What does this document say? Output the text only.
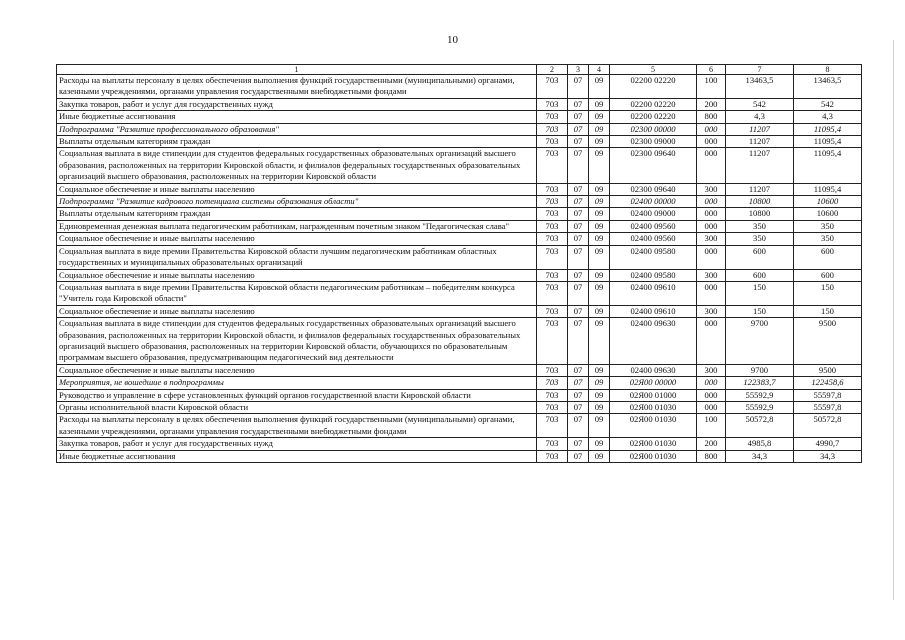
10
1	2	3	4	5	6	7	8
Расходы на выплаты персоналу в целях обеспечения выполнения функций государственными (муниципальными) органами, казенными учреждениями, органами управления государственными внебюджетными фондами	703	07	09	02200 02220	100	13463,5	13463,5
Закупка товаров, работ и услуг для государственных нужд	703	07	09	02200 02220	200	542	542
Иные бюджетные ассигнования	703	07	09	02200 02220	800	4,3	4,3
Подпрограмма "Развитие профессионального образования"	703	07	09	02300 00000	000	11207	11095,4
Выплаты отдельным категориям граждан	703	07	09	02300 09000	000	11207	11095,4
Социальная выплата в виде стипендии для студентов федеральных государственных образовательных организаций высшего образования, расположенных на территории Кировской области, и филиалов федеральных государственных образовательных организаций высшего образования, расположенных на территории Кировской области	703	07	09	02300 09640	000	11207	11095,4
Социальное обеспечение и иные выплаты населению	703	07	09	02300 09640	300	11207	11095,4
Подпрограмма "Развитие кадрового потенциала системы образования области"	703	07	09	02400 00000	000	10800	10600
Выплаты отдельным категориям граждан	703	07	09	02400 09000	000	10800	10600
Единовременная денежная выплата педагогическим работникам, награжденным почетным знаком "Педагогическая слава"	703	07	09	02400 09560	000	350	350
Социальное обеспечение и иные выплаты населению	703	07	09	02400 09560	300	350	350
Социальная выплата в виде премии Правительства Кировской области лучшим педагогическим работникам областных государственных и муниципальных образовательных организаций	703	07	09	02400 09580	000	600	600
Социальное обеспечение и иные выплаты населению	703	07	09	02400 09580	300	600	600
Социальная выплата в виде премии Правительства Кировской области педагогическим работникам – победителям конкурса "Учитель года Кировской области"	703	07	09	02400 09610	000	150	150
Социальное обеспечение и иные выплаты населению	703	07	09	02400 09610	300	150	150
Социальная выплата в виде стипендии для студентов федеральных государственных образовательных организаций высшего образования, расположенных на территории Кировской области, и филиалов федеральных государственных образовательных организаций высшего образования, расположенных на территории Кировской области, обучающихся по образовательным программам высшего образования, предусматривающим педагогический вид деятельности	703	07	09	02400 09630	000	9700	9500
Социальное обеспечение и иные выплаты населению	703	07	09	02400 09630	300	9700	9500
Мероприятия, не вошедшие в подпрограммы	703	07	09	02Я00 00000	000	122383,7	122458,6
Руководство и управление в сфере установленных функций органов государственной власти Кировской области	703	07	09	02Я00 01000	000	55592,9	55597,8
Органы исполнительной власти Кировской области	703	07	09	02Я00 01030	000	55592,9	55597,8
Расходы на выплаты персоналу в целях обеспечения выполнения функций государственными (муниципальными) органами, казенными учреждениями, органами управления государственными внебюджетными фондами	703	07	09	02Я00 01030	100	50572,8	50572,8
Закупка товаров, работ и услуг для государственных нужд	703	07	09	02Я00 01030	200	4985,8	4990,7
Иные бюджетные ассигнования	703	07	09	02Я00 01030	800	34,3	34,3
